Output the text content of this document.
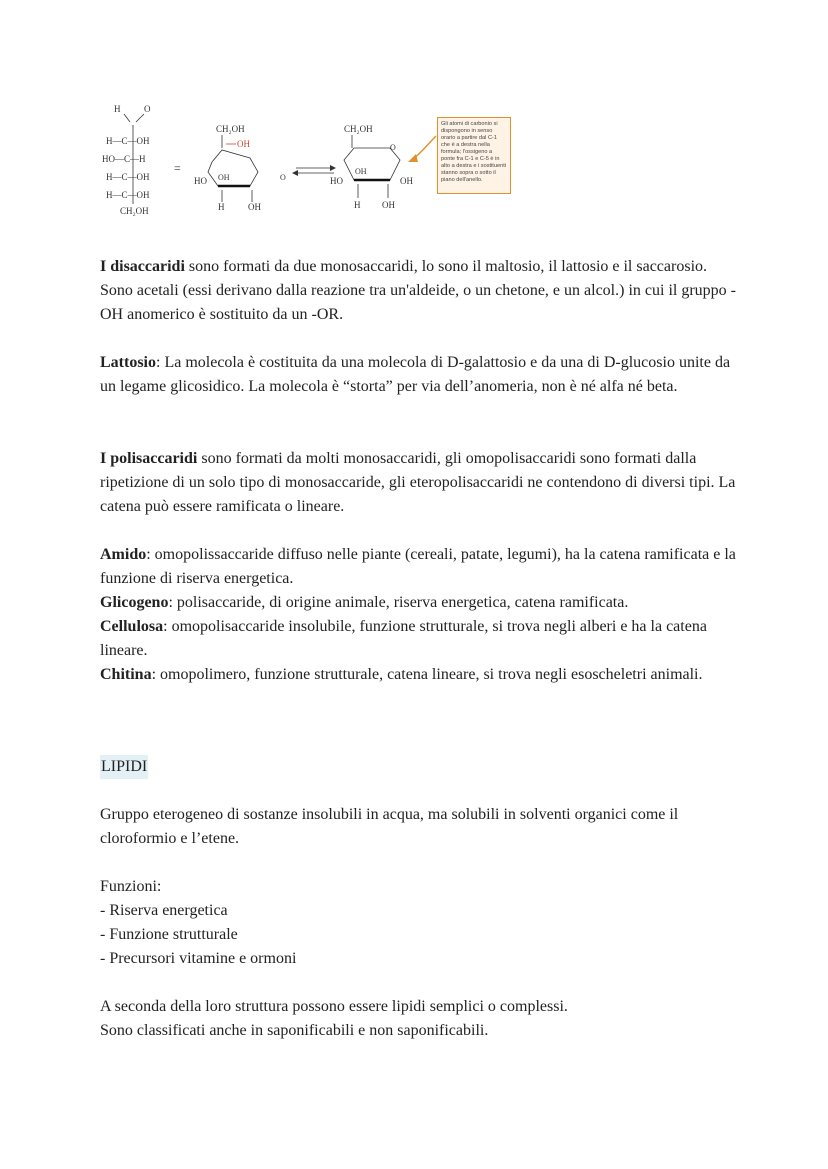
H	O
H—C—OH
HO—C—H
H—C—OH
H—C—OH
CH₂OH
=
CH₂OH
OH
HO OH
H	OH
O
CH₂OH
O
HO
OH
OH
H OH
Gli atomi di carbonio si dispongono in senso orario a partire dal C-1 che è a destra nella formula; l'ossigeno a ponte fra C-1 e C-5 è in alto a destra e i sostituenti stanno sopra o sotto il piano dell'anello.

I disaccaridi sono formati da due monosaccaridi, lo sono il maltosio, il lattosio e il saccarosio. Sono acetali (essi derivano dalla reazione tra un'aldeide, o un chetone, e un alcol.) in cui il gruppo -OH anomerico è sostituito da un -OR.

Lattosio: La molecola è costituita da una molecola di D-galattosio e da una di D-glucosio unite da un legame glicosidico. La molecola è “storta” per via dell’anomeria, non è né alfa né beta.

I polisaccaridi sono formati da molti monosaccaridi, gli omopolisaccaridi sono formati dalla ripetizione di un solo tipo di monosaccaride, gli eteropolisaccaridi ne contendono di diversi tipi. La catena può essere ramificata o lineare.

Amido: omopolissaccaride diffuso nelle piante (cereali, patate, legumi), ha la catena ramificata e la funzione di riserva energetica.

Glicogeno: polisaccaride, di origine animale, riserva energetica, catena ramificata.

Cellulosa: omopolisaccaride insolubile, funzione strutturale, si trova negli alberi e ha la catena lineare.

Chitina: omopolimero, funzione strutturale, catena lineare, si trova negli esoscheletri animali.

LIPIDI
Gruppo eterogeneo di sostanze insolubili in acqua, ma solubili in solventi organici come il cloroformio e l’etene.

Funzioni:

- Riserva energetica

- Funzione strutturale

- Precursori vitamine e ormoni

A seconda della loro struttura possono essere lipidi semplici o complessi.

Sono classificati anche in saponificabili e non saponificabili.
